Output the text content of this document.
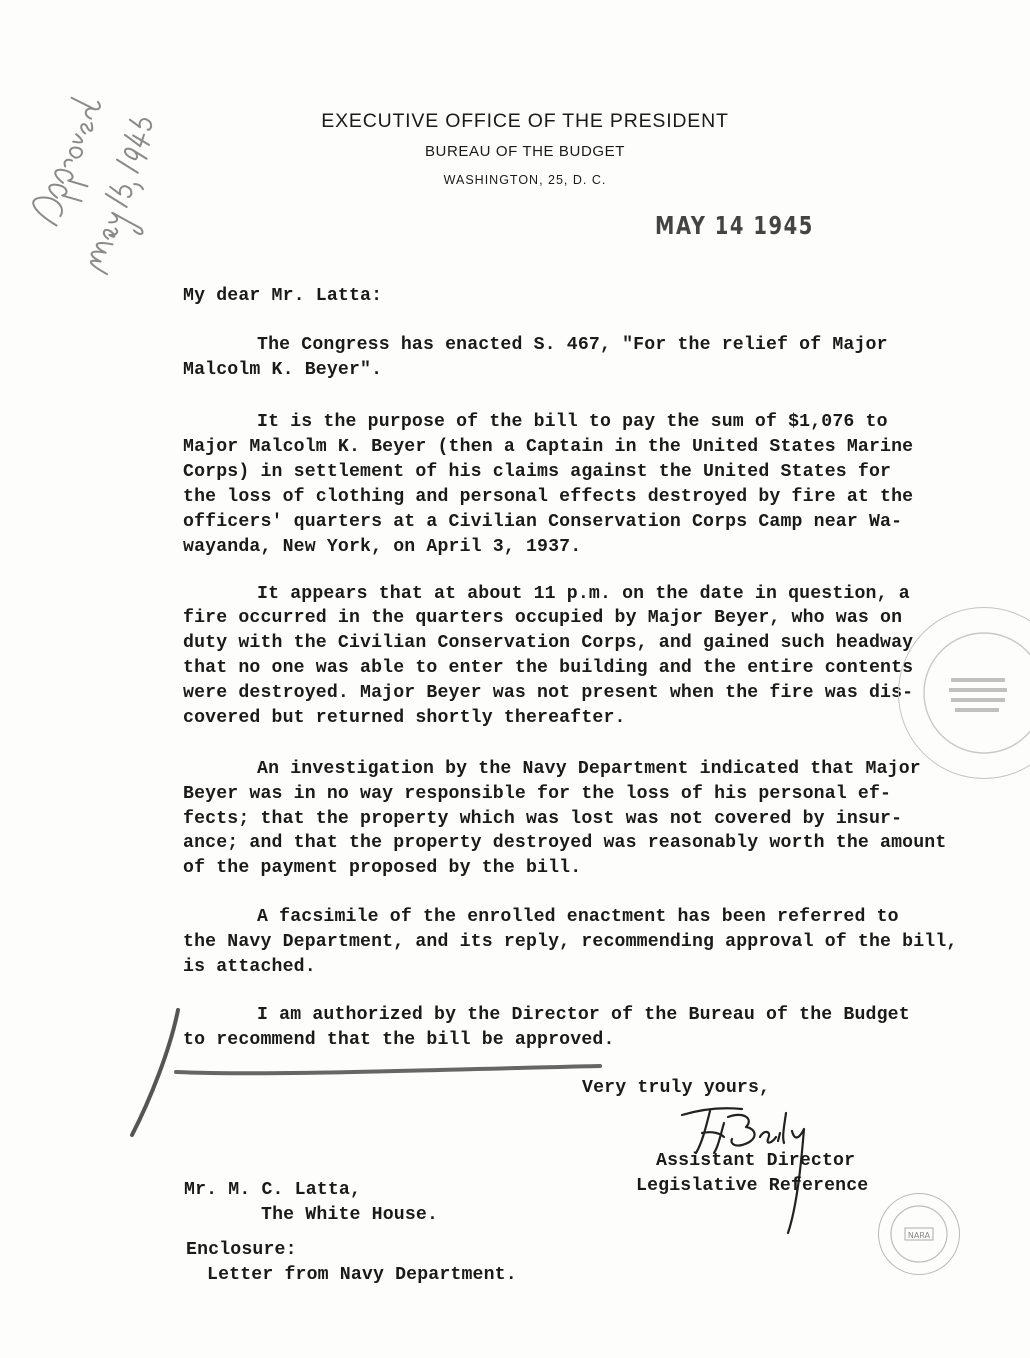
EXECUTIVE OFFICE OF THE PRESIDENT
BUREAU OF THE BUDGET
WASHINGTON, 25, D. C.
MAY 14 1945
My dear Mr. Latta:
The Congress has enacted S. 467, "For the relief of Major
Malcolm K. Beyer".
It is the purpose of the bill to pay the sum of $1,076 to
Major Malcolm K. Beyer (then a Captain in the United States Marine
Corps) in settlement of his claims against the United States for
the loss of clothing and personal effects destroyed by fire at the
officers' quarters at a Civilian Conservation Corps Camp near Wa-
wayanda, New York, on April 3, 1937.
It appears that at about 11 p.m. on the date in question, a
fire occurred in the quarters occupied by Major Beyer, who was on
duty with the Civilian Conservation Corps, and gained such headway
that no one was able to enter the building and the entire contents
were destroyed. Major Beyer was not present when the fire was dis-
covered but returned shortly thereafter.
An investigation by the Navy Department indicated that Major
Beyer was in no way responsible for the loss of his personal ef-
fects; that the property which was lost was not covered by insur-
ance; and that the property destroyed was reasonably worth the amount
of the payment proposed by the bill.
A facsimile of the enrolled enactment has been referred to
the Navy Department, and its reply, recommending approval of the bill,
is attached.
I am authorized by the Director of the Bureau of the Budget
to recommend that the bill be approved.
Very truly yours,
Assistant Director
Legislative Reference
Mr. M. C. Latta,
The White House.
Enclosure:
Letter from Navy Department.
NARA
